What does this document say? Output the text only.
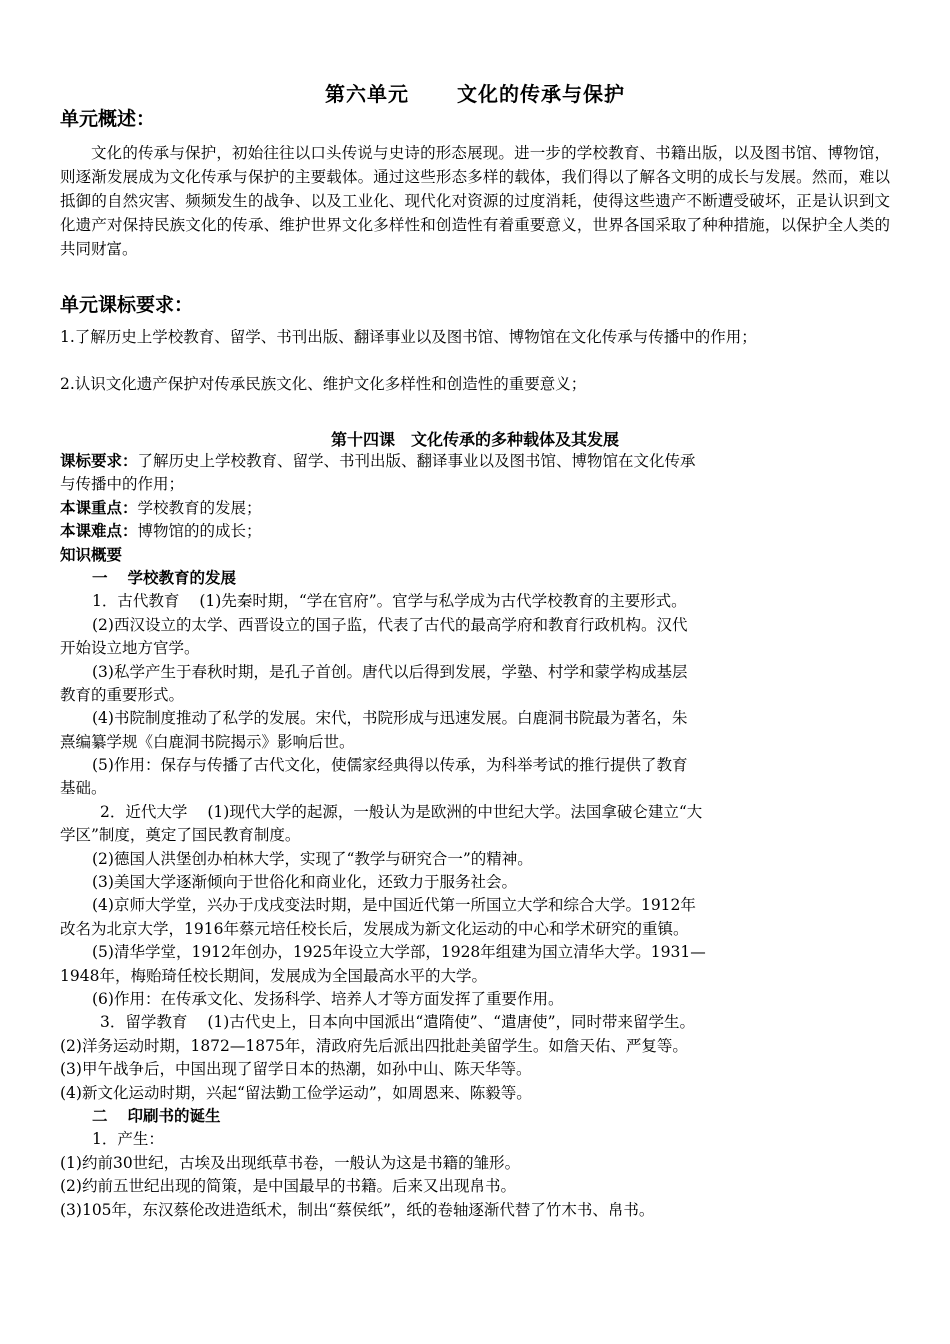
第六单元 文化的传承与保护
单元概述：
文化的传承与保护，初始往往以口头传说与史诗的形态展现。进一步的学校教育、书籍出版，以及图书馆、博物馆，则逐渐发展成为文化传承与保护的主要载体。通过这些形态多样的载体，我们得以了解各文明的成长与发展。然而，难以抵御的自然灾害、频频发生的战争、以及工业化、现代化对资源的过度消耗，使得这些遗产不断遭受破坏，正是认识到文化遗产对保持民族文化的传承、维护世界文化多样性和创造性有着重要意义，世界各国采取了种种措施，以保护全人类的共同财富。
单元课标要求：
1.了解历史上学校教育、留学、书刊出版、翻译事业以及图书馆、博物馆在文化传承与传播中的作用；
2.认识文化遗产保护对传承民族文化、维护文化多样性和创造性的重要意义；
第十四课 文化传承的多种载体及其发展
课标要求：了解历史上学校教育、留学、书刊出版、翻译事业以及图书馆、博物馆在文化传承
与传播中的作用；
本课重点：学校教育的发展；
本课难点：博物馆的的成长；
知识概要
一 学校教育的发展
1．古代教育 (1)先秦时期，“学在官府”。官学与私学成为古代学校教育的主要形式。
(2)西汉设立的太学、西晋设立的国子监，代表了古代的最高学府和教育行政机构。汉代
开始设立地方官学。
(3)私学产生于春秋时期，是孔子首创。唐代以后得到发展，学塾、村学和蒙学构成基层
教育的重要形式。
(4)书院制度推动了私学的发展。宋代，书院形成与迅速发展。白鹿洞书院最为著名，朱
熹编纂学规《白鹿洞书院揭示》影响后世。
(5)作用：保存与传播了古代文化，使儒家经典得以传承，为科举考试的推行提供了教育
基础。
2．近代大学 (1)现代大学的起源，一般认为是欧洲的中世纪大学。法国拿破仑建立“大
学区”制度，奠定了国民教育制度。
(2)德国人洪堡创办柏林大学，实现了“教学与研究合一”的精神。
(3)美国大学逐渐倾向于世俗化和商业化，还致力于服务社会。
(4)京师大学堂，兴办于戊戌变法时期，是中国近代第一所国立大学和综合大学。1912年
改名为北京大学，1916年蔡元培任校长后，发展成为新文化运动的中心和学术研究的重镇。
(5)清华学堂，1912年创办，1925年设立大学部，1928年组建为国立清华大学。1931—
1948年，梅贻琦任校长期间，发展成为全国最高水平的大学。
(6)作用：在传承文化、发扬科学、培养人才等方面发挥了重要作用。
3．留学教育 (1)古代史上，日本向中国派出“遣隋使”、“遣唐使”，同时带来留学生。
(2)洋务运动时期，1872—1875年，清政府先后派出四批赴美留学生。如詹天佑、严复等。
(3)甲午战争后，中国出现了留学日本的热潮，如孙中山、陈天华等。
(4)新文化运动时期，兴起“留法勤工俭学运动”，如周恩来、陈毅等。
二 印刷书的诞生
1．产生：
(1)约前30世纪，古埃及出现纸草书卷，一般认为这是书籍的雏形。
(2)约前五世纪出现的简策，是中国最早的书籍。后来又出现帛书。
(3)105年，东汉蔡伦改进造纸术，制出“蔡侯纸”，纸的卷轴逐渐代替了竹木书、帛书。
